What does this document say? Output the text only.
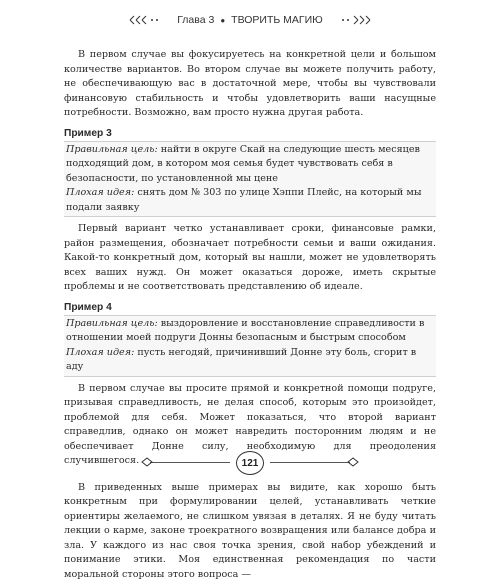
Глава 3 ● ТВОРИТЬ МАГИЮ

В первом случае вы фокусируетесь на конкретной цели и большом количестве вариантов. Во втором случае вы можете получить работу, не обеспечивающую вас в достаточной мере, чтобы вы чувствовали финансовую стабильность и чтобы удовлетворить ваши насущные потребности. Возможно, вам просто нужна другая работа.

Пример 3

Правильная цель: найти в округе Скай на следующие шесть месяцев подходящий дом, в котором моя семья будет чувствовать себя в безопасности, по установленной мы цене

Плохая идея: снять дом № 303 по улице Хэппи Плейс, на который мы подали заявку

Первый вариант четко устанавливает сроки, финансовые рамки, район размещения, обозначает потребности семьи и ваши ожидания. Какой-то конкретный дом, который вы нашли, может не удовлетворять всех ваших нужд. Он может оказаться дороже, иметь скрытые проблемы и не соответствовать представлению об идеале.

Пример 4

Правильная цель: выздоровление и восстановление справедливости в отношении моей подруги Донны безопасным и быстрым способом

Плохая идея: пусть негодяй, причинивший Донне эту боль, сгорит в аду

В первом случае вы просите прямой и конкретной помощи подруге, призывая справедливость, не делая способ, которым это произойдет, проблемой для себя. Может показаться, что второй вариант справедлив, однако он может навредить посторонним людям и не обеспечивает Донне силу, необходимую для преодоления случившегося.

В приведенных выше примерах вы видите, как хорошо быть конкретным при формулировании целей, устанавливать четкие ориентиры желаемого, не слишком увязая в деталях. Я не буду читать лекции о карме, законе троекратного возвращения или балансе добра и зла. У каждого из нас своя точка зрения, свой набор убеждений и понимание этики. Моя единственная рекомендация по части моральной стороны этого вопроса —

121
